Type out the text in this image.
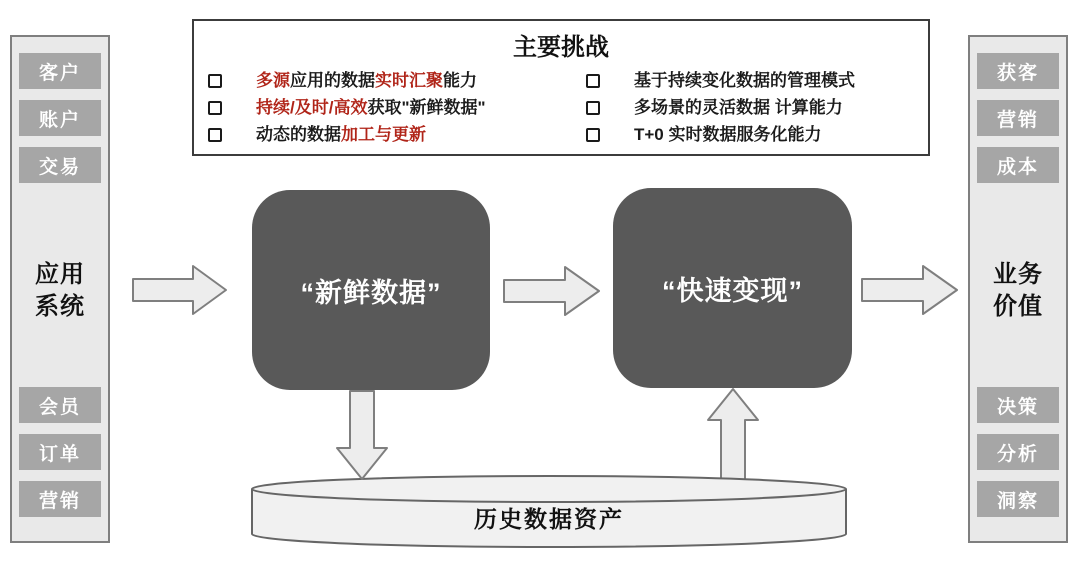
客户
账户
交易
应用
系统
会员
订单
营销
获客
营销
成本
业务
价值
决策
分析
洞察
主要挑战
多源 应用的数据 实时汇聚 能力
持续/及时/高效 获取"新鲜数据"
动态的数据 加工与更新
基于持续变化数据的管理模式
多场景的灵活数据 计算能力
T+0 实时数据服务化能力
“新鲜数据”	“快速变现”
历史数据资产
